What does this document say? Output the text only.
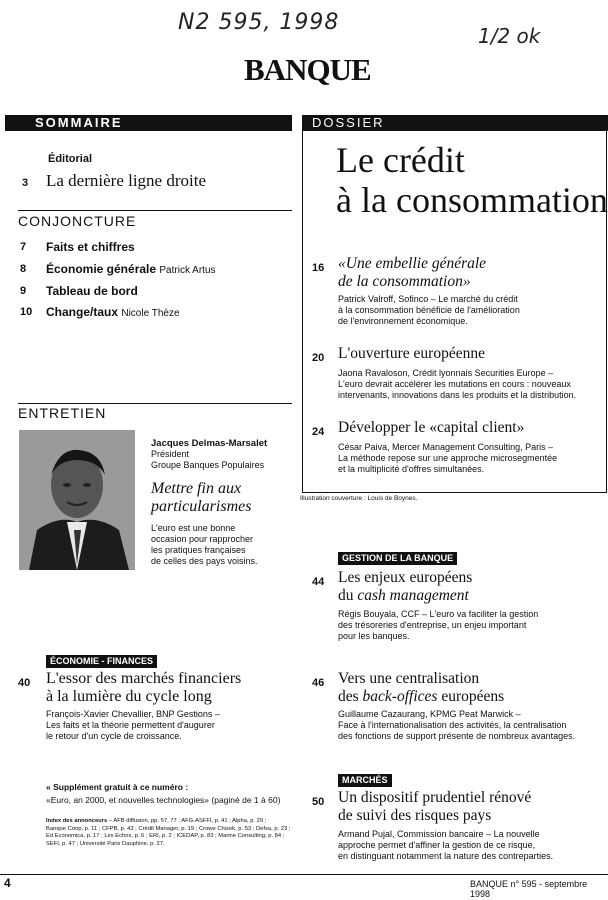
N2 595, 1998
1/2 ok
BANQUE
SOMMAIRE	DOSSIER
Éditorial
3 La dernière ligne droite
CONJONCTURE
7 Faits et chiffres
8 Économie générale Patrick Artus
9 Tableau de bord
10 Change/taux Nicole Thèze
ENTRETIEN
Jacques Delmas-Marsalet
Président
Groupe Banques Populaires
Mettre fin aux
particularismes
L'euro est une bonne
occasion pour rapprocher
les pratiques françaises
de celles des pays voisins.
ÉCONOMIE - FINANCES
40 L'essor des marchés financiers
à la lumière du cycle long
François-Xavier Chevallier, BNP Gestions –
Les faits et la théorie permettent d'augurer
le retour d'un cycle de croissance.
« Supplément gratuit à ce numéro :
«Euro, an 2000, et nouvelles technologies» (paginé de 1 à 60)
Index des annonceurs – AFB diffusion, pp. 57, 77 ; AFG-ASFFI, p. 41 ; Alpha, p. 29 ;
Banque Coop, p. 11 ; CFPB, p. 43 ; Crédit Manager, p. 19 ; Crowe Chizek, p. 53 ; Defsa, p. 23 ;
Ed Economica, p. 17 ; Les Echos, p. 6 ; ERI, p. 2 ; ICEDAP, p. 83 ; Marine Consulting, p. 84 ;
SEFI, p. 47 ; Université Paris Dauphine, p. 27.
Le crédit
à la consommation
16 «Une embellie générale
de la consommation»
Patrick Valroff, Sofinco – Le marché du crédit
à la consommation bénéficie de l'amélioration
de l'environnement économique.
20 L'ouverture européenne
Jaona Ravaloson, Crédit lyonnais Securities Europe –
L'euro devrait accélérer les mutations en cours : nouveaux
intervenants, innovations dans les produits et la distribution.
24 Développer le «capital client»
César Paiva, Mercer Management Consulting, Paris –
La méthode repose sur une approche microsegmentée
et la multiplicité d'offres simultanées.
Illustration couverture : Louis de Boynes.
GESTION DE LA BANQUE
44 Les enjeux européens
du cash management
Régis Bouyala, CCF – L'euro va faciliter la gestion
des trésoreries d'entreprise, un enjeu important
pour les banques.
46 Vers une centralisation
des back-offices européens
Guillaume Cazaurang, KPMG Peat Marwick –
Face à l'internationalisation des activités, la centralisation
des fonctions de support présente de nombreux avantages.
MARCHÉS
50 Un dispositif prudentiel rénové
de suivi des risques pays
Armand Pujal, Commission bancaire – La nouvelle
approche permet d'affiner la gestion de ce risque,
en distinguant notamment la nature des contreparties.
4	BANQUE n° 595 - septembre 1998
